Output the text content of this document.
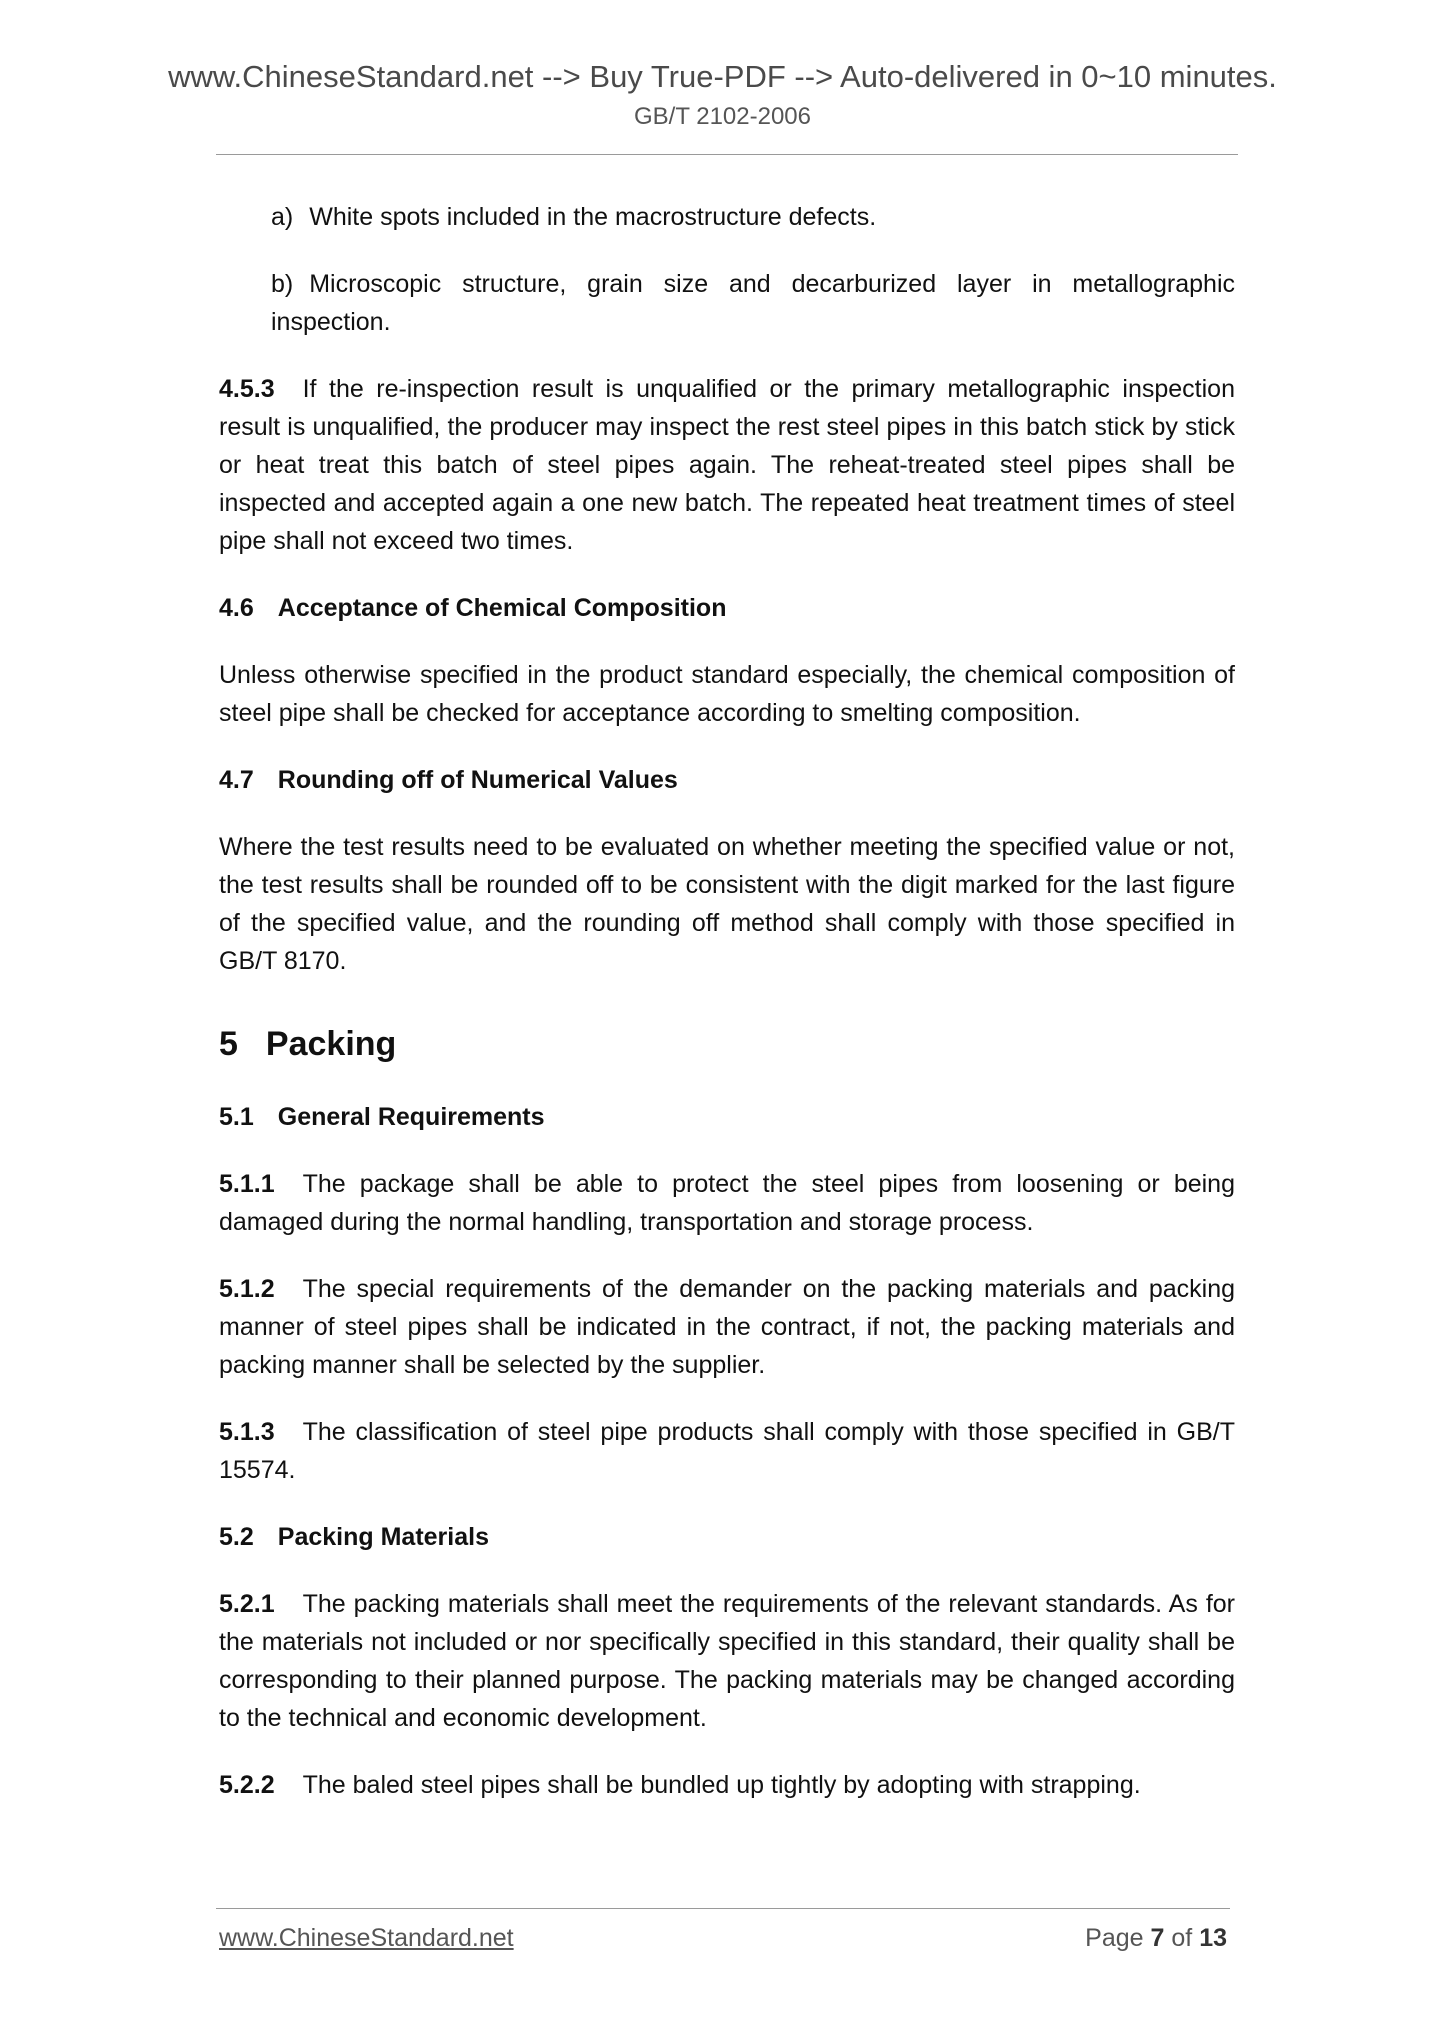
www.ChineseStandard.net --> Buy True-PDF --> Auto-delivered in 0~10 minutes.
GB/T 2102-2006
a) White spots included in the macrostructure defects.
b) Microscopic structure, grain size and decarburized layer in metallographic inspection.

4.5.3 If the re-inspection result is unqualified or the primary metallographic inspection result is unqualified, the producer may inspect the rest steel pipes in this batch stick by stick or heat treat this batch of steel pipes again. The reheat-treated steel pipes shall be inspected and accepted again a one new batch. The repeated heat treatment times of steel pipe shall not exceed two times.

4.6 Acceptance of Chemical Composition

Unless otherwise specified in the product standard especially, the chemical composition of steel pipe shall be checked for acceptance according to smelting composition.

4.7 Rounding off of Numerical Values

Where the test results need to be evaluated on whether meeting the specified value or not, the test results shall be rounded off to be consistent with the digit marked for the last figure of the specified value, and the rounding off method shall comply with those specified in GB/T 8170.

5 Packing
5.1 General Requirements

5.1.1 The package shall be able to protect the steel pipes from loosening or being damaged during the normal handling, transportation and storage process.

5.1.2 The special requirements of the demander on the packing materials and packing manner of steel pipes shall be indicated in the contract, if not, the packing materials and packing manner shall be selected by the supplier.

5.1.3 The classification of steel pipe products shall comply with those specified in GB/T 15574.

5.2 Packing Materials

5.2.1 The packing materials shall meet the requirements of the relevant standards. As for the materials not included or nor specifically specified in this standard, their quality shall be corresponding to their planned purpose. The packing materials may be changed according to the technical and economic development.

5.2.2 The baled steel pipes shall be bundled up tightly by adopting with strapping.

www.ChineseStandard.net	Page 7 of 13
